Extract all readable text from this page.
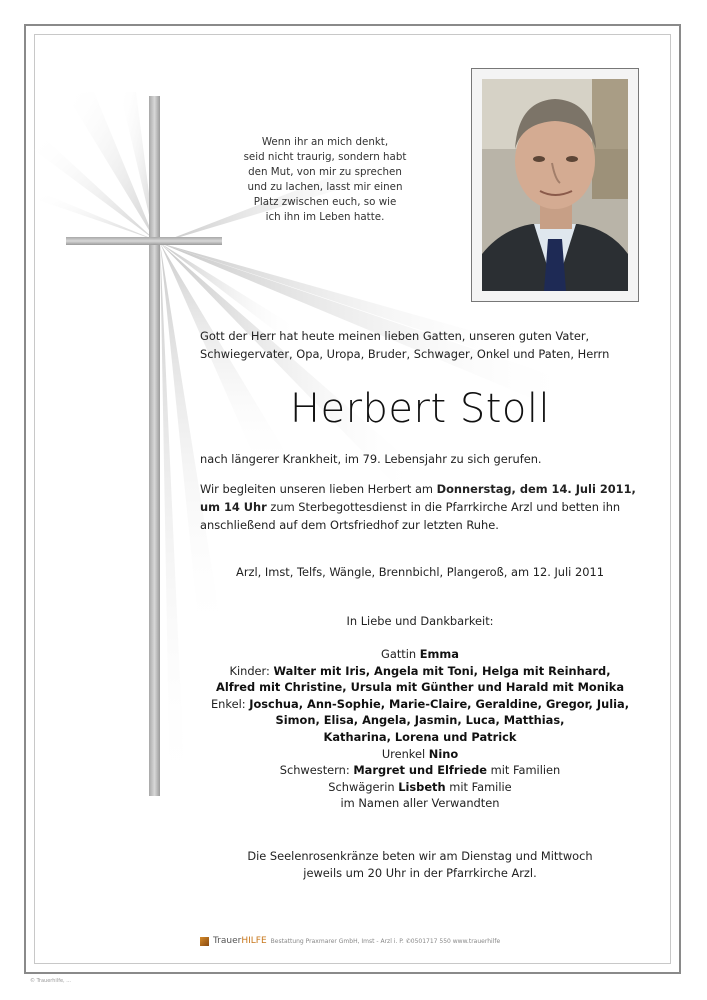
Wenn ihr an mich denkt,
seid nicht traurig, sondern habt
den Mut, von mir zu sprechen
und zu lachen, lasst mir einen
Platz zwischen euch, so wie
ich ihn im Leben hatte.
Gott der Herr hat heute meinen lieben Gatten, unseren guten Vater, Schwiegervater, Opa, Uropa, Bruder, Schwager, Onkel und Paten, Herrn
Herbert Stoll
nach längerer Krankheit, im 79. Lebensjahr zu sich gerufen.
Wir begleiten unseren lieben Herbert am Donnerstag, dem 14. Juli 2011, um 14 Uhr zum Sterbegottesdienst in die Pfarrkirche Arzl und betten ihn anschließend auf dem Ortsfriedhof zur letzten Ruhe.
Arzl, Imst, Telfs, Wängle, Brennbichl, Plangeroß, am 12. Juli 2011
In Liebe und Dankbarkeit:
Gattin Emma
Kinder: Walter mit Iris, Angela mit Toni, Helga mit Reinhard,
Alfred mit Christine, Ursula mit Günther und Harald mit Monika
Enkel: Joschua, Ann-Sophie, Marie-Claire, Geraldine, Gregor, Julia,
Simon, Elisa, Angela, Jasmin, Luca, Matthias,
Katharina, Lorena und Patrick
Urenkel Nino
Schwestern: Margret und Elfriede mit Familien
Schwägerin Lisbeth mit Familie
im Namen aller Verwandten
Die Seelenrosenkränze beten wir am Dienstag und Mittwoch
jeweils um 20 Uhr in der Pfarrkirche Arzl.
TrauerHILFE Bestattung Praxmarer GmbH, Imst - Arzl i. P. ✆0501717 550 www.trauerhilfe
© Trauerhilfe, ...
